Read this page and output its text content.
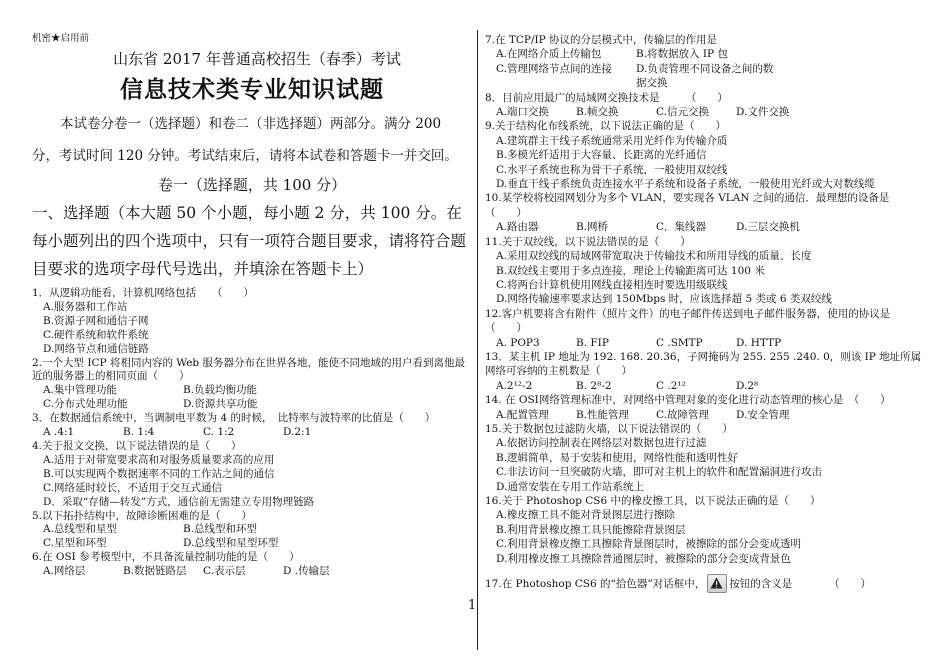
机密★启用前
山东省 2017 年普通高校招生（春季）考试
信息技术类专业知识试题
本试卷分卷一（选择题）和卷二（非选择题）两部分。满分 200 分，考试时间 120 分钟。考试结束后，请将本试卷和答题卡一并交回。
卷一（选择题，共 100 分）
一、选择题（本大题 50 个小题，每小题 2 分，共 100 分。在每小题列出的四个选项中，只有一项符合题目要求，请将符合题目要求的选项字母代号选出，并填涂在答题卡上）
1．从逻辑功能看，计算机网络包括　　（　　）
A.服务器和工作站
B.资源子网和通信子网
C.硬件系统和软件系统
D.网络节点和通信链路
2.一个大型 ICP 将相同内容的 Web 服务器分布在世界各地，能使不同地域的用户看到离他最近的服务器上的相同页面（　　）
A.集中管理功能	B.负载均衡功能
C.分布式处理功能	D.资源共享功能
3．在数据通信系统中，当调制电平数为 4 的时候，　比特率与波特率的比值是（　　）
A .4:1	B. 1:4	C. 1:2	D.2:1
4.关于报文交换，以下说法错误的是（　　）
A.适用于对带宽要求高和对服务质量要求高的应用
B.可以实现两个数据速率不同的工作站之间的通信
C.网络延时较长，不适用于交互式通信
D．采取“存储—转发”方式，通信前无需建立专用物理链路
5.以下拓扑结构中，故障诊断困难的是（　　）
A.总线型和星型	B.总线型和环型
C.星型和环型	D.总线型和星型环型
6.在 OSI 参考模型中，不具备流量控制功能的是（　　）
A.网络层	B.数据链路层	C.表示层	D .传输层
7.在 TCP/IP 协议的分层模式中，传输层的作用是
A.在网络介质上传输包	B.将数据放入 IP 包
C.管理网络节点间的连接	D.负责管理不同设备之间的数据交换
8．目前应用最广的局域网交换技术是　　　（　　）
A.端口交换	B.帧交换	C.信元交换	D.文件交换
9.关于结构化布线系统，以下说法正确的是（　　）
A.建筑群主干线子系统通常采用光纤作为传输介质
B.多模光纤适用于大容量、长距离的光纤通信
C.水平子系统也称为骨干子系统，一般使用双绞线
D.垂直干线子系统负责连接水平子系统和设备子系统，一般使用光纤或大对数线缆
10.某学校将校园网划分为多个 VLAN，要实现各 VLAN 之间的通信．最理想的设备是（　　）
A.路由器	B.网桥	C．集线器	D.三层交换机
11.关于双绞线，以下说法错误的是（　　）
A.采用双绞线的局域网带宽取决于传输技术和所用导线的质量、长度
B.双绞线主要用于多点连接，理论上传输距离可达 100 米
C.将两台计算机使用网线直接相连时要选用级联线
D.网络传输速率要求达到 150Mbps 时，应该选择超 5 类或 6 类双绞线
12.客户机要将含有附件（照片文件）的电子邮件传送到电子邮件服务器，使用的协议是（　　）
A. POP3	B. FIP	C .SMTP	D. HTTP
13．某主机 IP 地址为 192. 168. 20.36，子网掩码为 255. 255 .240. 0，则该 IP 地址所属网络可容纳的主机数是（　　）
A.2¹²-2	B. 2⁸-2	C .2¹²	D.2⁸
14. 在 OSI网络管理标准中，对网络中管理对象的变化进行动态管理的核心是　（　　）
A.配置管理	B.性能管理	C.故障管理	D.安全管理
15.关于数据包过滤防火墙，以下说法错误的（　　）
A.依据访问控制表在网络层对数据包进行过滤
B.逻辑简单，易于安装和使用，网络性能和透明性好
C.非法访问一旦突破防火墙，即可对主机上的软件和配置漏洞进行攻击
D.通常安装在专用工作站系统上
16.关于 Photoshop CS6 中的橡皮擦工具，以下说法正确的是（　　）
A.橡皮擦工具不能对背景图层进行擦除
B.利用背景橡皮擦工具只能擦除背景图层
C.利用背景橡皮擦工具擦除背景图层时，被擦除的部分会变成透明
D.利用橡皮擦工具擦除普通图层时，被擦除的部分会变成背景色
17.在 Photoshop CS6 的“拾色器”对话框中， 按钮的含义是　　　　（　　）
1
